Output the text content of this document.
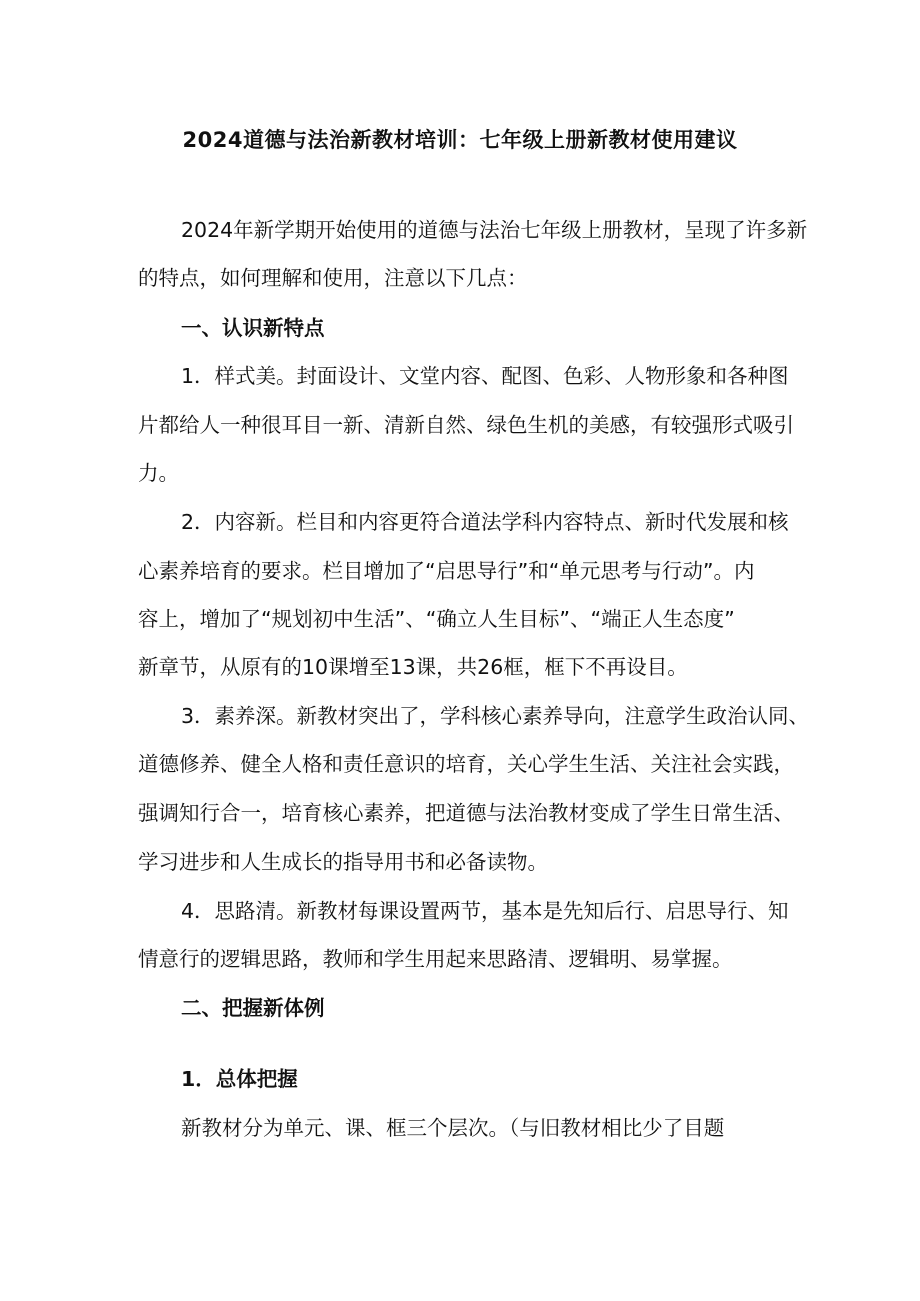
2024道德与法治新教材培训：七年级上册新教材使用建议
2024年新学期开始使用的道德与法治七年级上册教材，呈现了许多新
的特点，如何理解和使用，注意以下几点：
一、认识新特点
1．样式美。封面设计、文堂内容、配图、色彩、人物形象和各种图
片都给人一种很耳目一新、清新自然、绿色生机的美感，有较强形式吸引
力。
2．内容新。栏目和内容更符合道法学科内容特点、新时代发展和核
心素养培育的要求。栏目增加了“启思导行”和“单元思考与行动”。内
容上，增加了“规划初中生活”、“确立人生目标”、“端正人生态度”
新章节，从原有的10课增至13课，共26框，框下不再设目。
3．素养深。新教材突出了，学科核心素养导向，注意学生政治认同、
道德修养、健全人格和责任意识的培育，关心学生生活、关注社会实践，
强调知行合一，培育核心素养，把道德与法治教材变成了学生日常生活、
学习进步和人生成长的指导用书和必备读物。
4．思路清。新教材每课设置两节，基本是先知后行、启思导行、知
情意行的逻辑思路，教师和学生用起来思路清、逻辑明、易掌握。
二、把握新体例
1．总体把握
新教材分为单元、课、框三个层次。（与旧教材相比少了目题
